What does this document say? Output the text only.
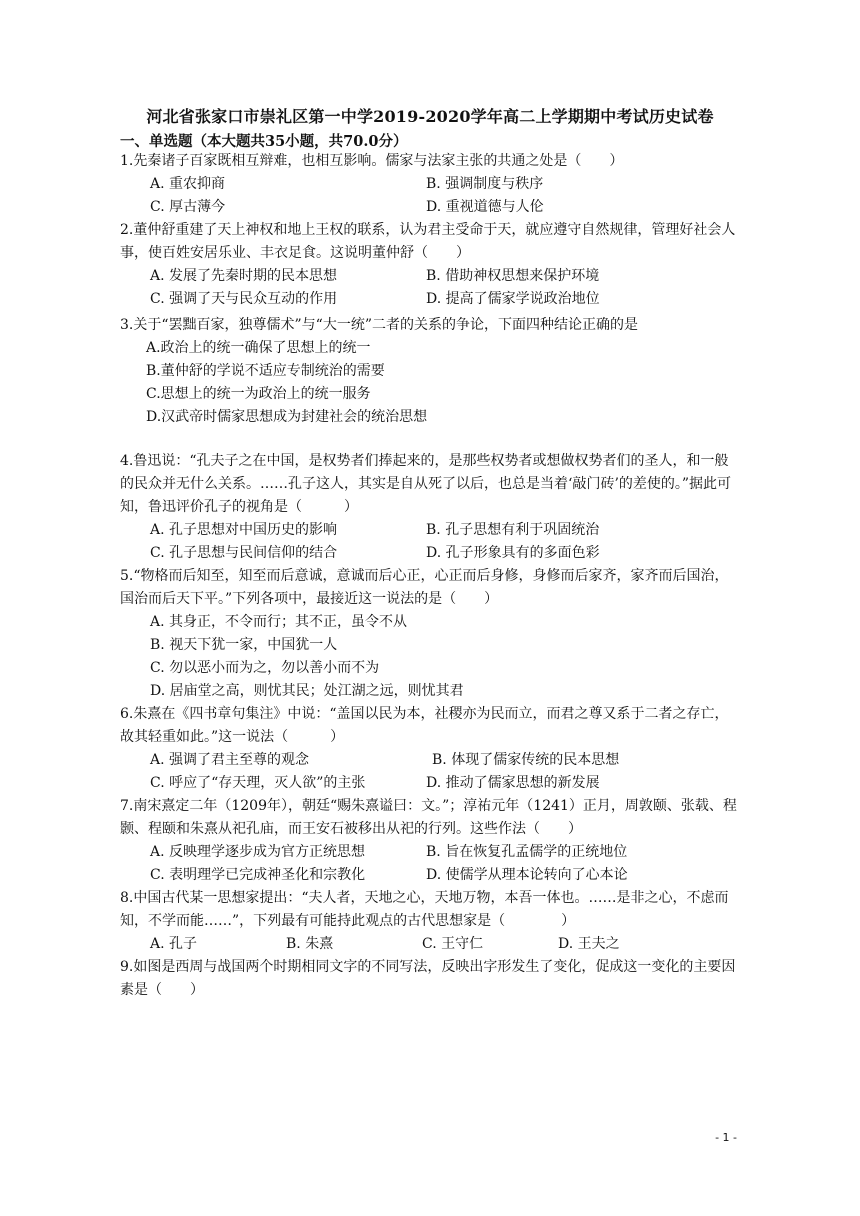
河北省张家口市崇礼区第一中学2019-2020学年高二上学期期中考试历史试卷
一、单选题（本大题共35小题，共70.0分）
1.先秦诸子百家既相互辩难，也相互影响。儒家与法家主张的共通之处是（　　）
A. 重农抑商	B. 强调制度与秩序
C. 厚古薄今	D. 重视道德与人伦
2.董仲舒重建了天上神权和地上王权的联系，认为君主受命于天，就应遵守自然规律，管理好社会人事，使百姓安居乐业、丰衣足食。这说明董仲舒（　　）
A. 发展了先秦时期的民本思想	B. 借助神权思想来保护环境
C. 强调了天与民众互动的作用	D. 提高了儒家学说政治地位
3.关于“罢黜百家，独尊儒术”与“大一统”二者的关系的争论，下面四种结论正确的是
A.政治上的统一确保了思想上的统一
B.董仲舒的学说不适应专制统治的需要
C.思想上的统一为政治上的统一服务
D.汉武帝时儒家思想成为封建社会的统治思想
4.鲁迅说：“孔夫子之在中国，是权势者们捧起来的，是那些权势者或想做权势者们的圣人，和一般的民众并无什么关系。……孔子这人，其实是自从死了以后，也总是当着‘敲门砖’的差使的。”据此可知，鲁迅评价孔子的视角是（　　　）
A. 孔子思想对中国历史的影响	B. 孔子思想有利于巩固统治
C. 孔子思想与民间信仰的结合	D. 孔子形象具有的多面色彩
5.“物格而后知至，知至而后意诚，意诚而后心正，心正而后身修，身修而后家齐，家齐而后国治，国治而后天下平。”下列各项中，最接近这一说法的是（　　）
A. 其身正，不令而行；其不正，虽令不从
B. 视天下犹一家，中国犹一人
C. 勿以恶小而为之，勿以善小而不为
D. 居庙堂之高，则忧其民；处江湖之远，则忧其君
6.朱熹在《四书章句集注》中说：“盖国以民为本，社稷亦为民而立，而君之尊又系于二者之存亡，故其轻重如此。”这一说法（　　　）
A. 强调了君主至尊的观念	B. 体现了儒家传统的民本思想
C. 呼应了“存天理，灭人欲”的主张	D. 推动了儒家思想的新发展
7.南宋熹定二年（1209年），朝廷“赐朱熹谥曰：文。”；淳祐元年（1241）正月，周敦颐、张载、程颢、程颐和朱熹从祀孔庙，而王安石被移出从祀的行列。这些作法（　　）
A. 反映理学逐步成为官方正统思想	B. 旨在恢复孔孟儒学的正统地位
C. 表明理学已完成神圣化和宗教化	D. 使儒学从理本论转向了心本论
8.中国古代某一思想家提出：“夫人者，天地之心，天地万物，本吾一体也。……是非之心，不虑而知，不学而能……”，下列最有可能持此观点的古代思想家是（　　　　）
A. 孔子	B. 朱熹	C. 王守仁	D. 王夫之
9.如图是西周与战国两个时期相同文字的不同写法，反映出字形发生了变化，促成这一变化的主要因素是（　　）
- 1 -
